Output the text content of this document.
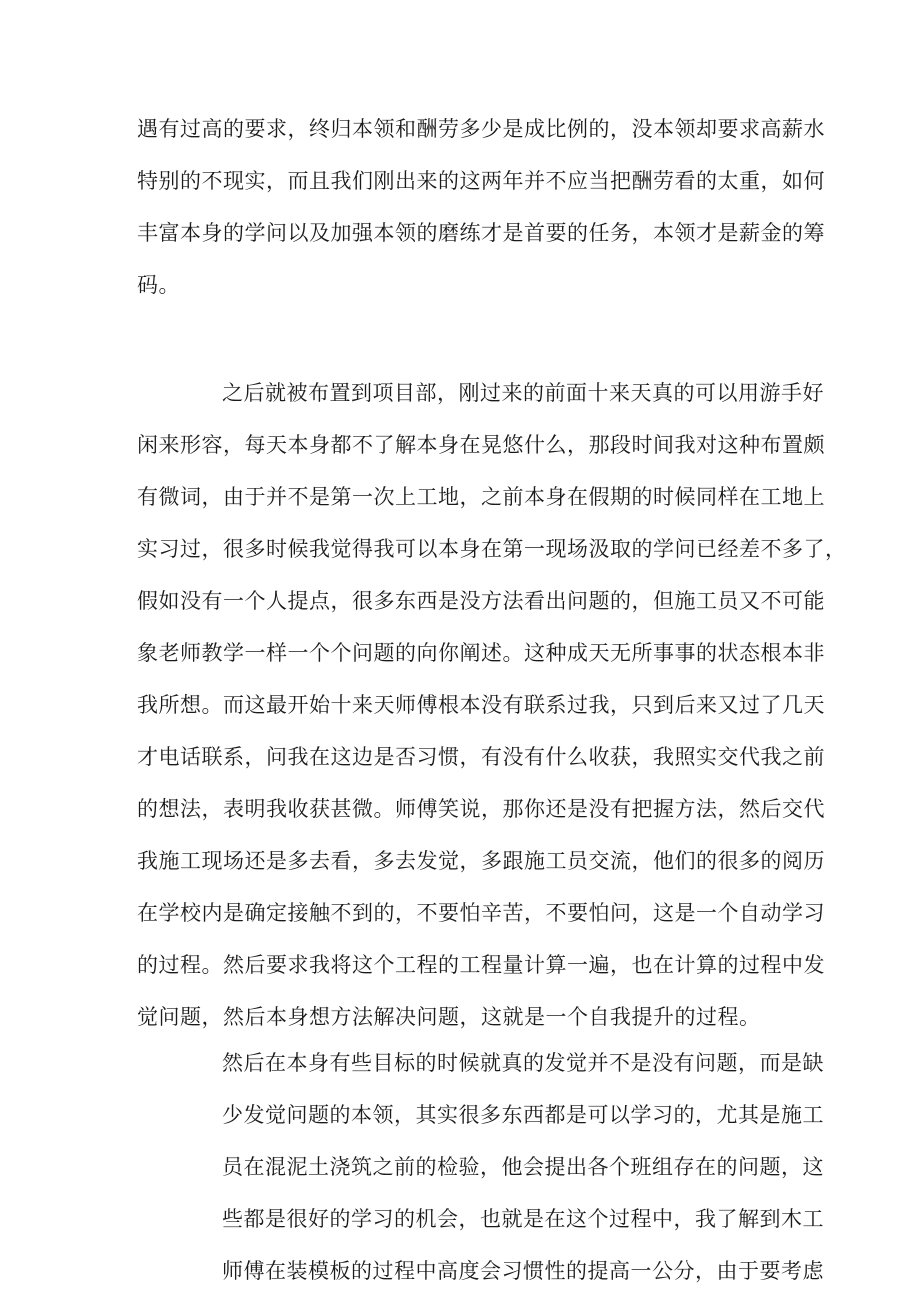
遇有过高的要求，终归本领和酬劳多少是成比例的，没本领却要求高薪水

特别的不现实，而且我们刚出来的这两年并不应当把酬劳看的太重，如何

丰富本身的学问以及加强本领的磨练才是首要的任务，本领才是薪金的筹

码。

之后就被布置到项目部，刚过来的前面十来天真的可以用游手好

闲来形容，每天本身都不了解本身在晃悠什么，那段时间我对这种布置颇

有微词，由于并不是第一次上工地，之前本身在假期的时候同样在工地上

实习过，很多时候我觉得我可以本身在第一现场汲取的学问已经差不多了，

假如没有一个人提点，很多东西是没方法看出问题的，但施工员又不可能

象老师教学一样一个个问题的向你阐述。这种成天无所事事的状态根本非

我所想。而这最开始十来天师傅根本没有联系过我，只到后来又过了几天

才电话联系，问我在这边是否习惯，有没有什么收获，我照实交代我之前

的想法，表明我收获甚微。师傅笑说，那你还是没有把握方法，然后交代

我施工现场还是多去看，多去发觉，多跟施工员交流，他们的很多的阅历

在学校内是确定接触不到的，不要怕辛苦，不要怕问，这是一个自动学习

的过程。然后要求我将这个工程的工程量计算一遍，也在计算的过程中发

觉问题，然后本身想方法解决问题，这就是一个自我提升的过程。

然后在本身有些目标的时候就真的发觉并不是没有问题，而是缺

少发觉问题的本领，其实很多东西都是可以学习的，尤其是施工

员在混泥土浇筑之前的检验，他会提出各个班组存在的问题，这

些都是很好的学习的机会，也就是在这个过程中，我了解到木工

师傅在装模板的过程中高度会习惯性的提高一公分，由于要考虑
